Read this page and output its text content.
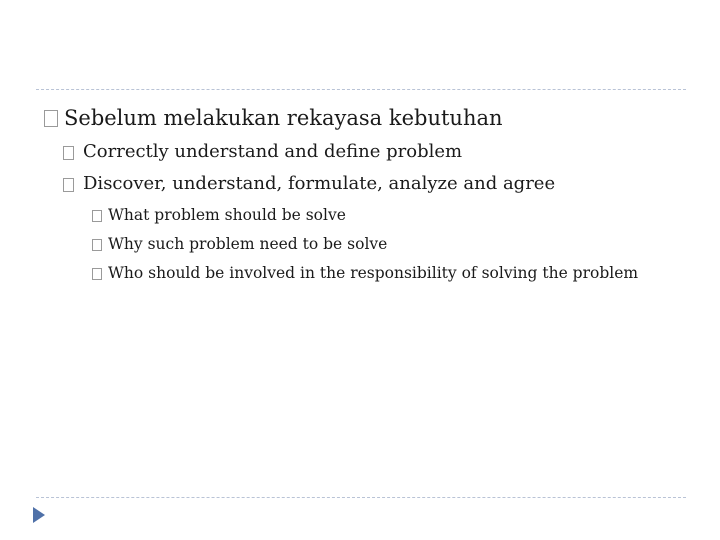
Sebelum melakukan rekayasa kebutuhan
Correctly understand and define problem
Discover, understand, formulate, analyze and agree
What problem should be solve
Why such problem need to be solve
Who should be involved in the responsibility of solving the problem
